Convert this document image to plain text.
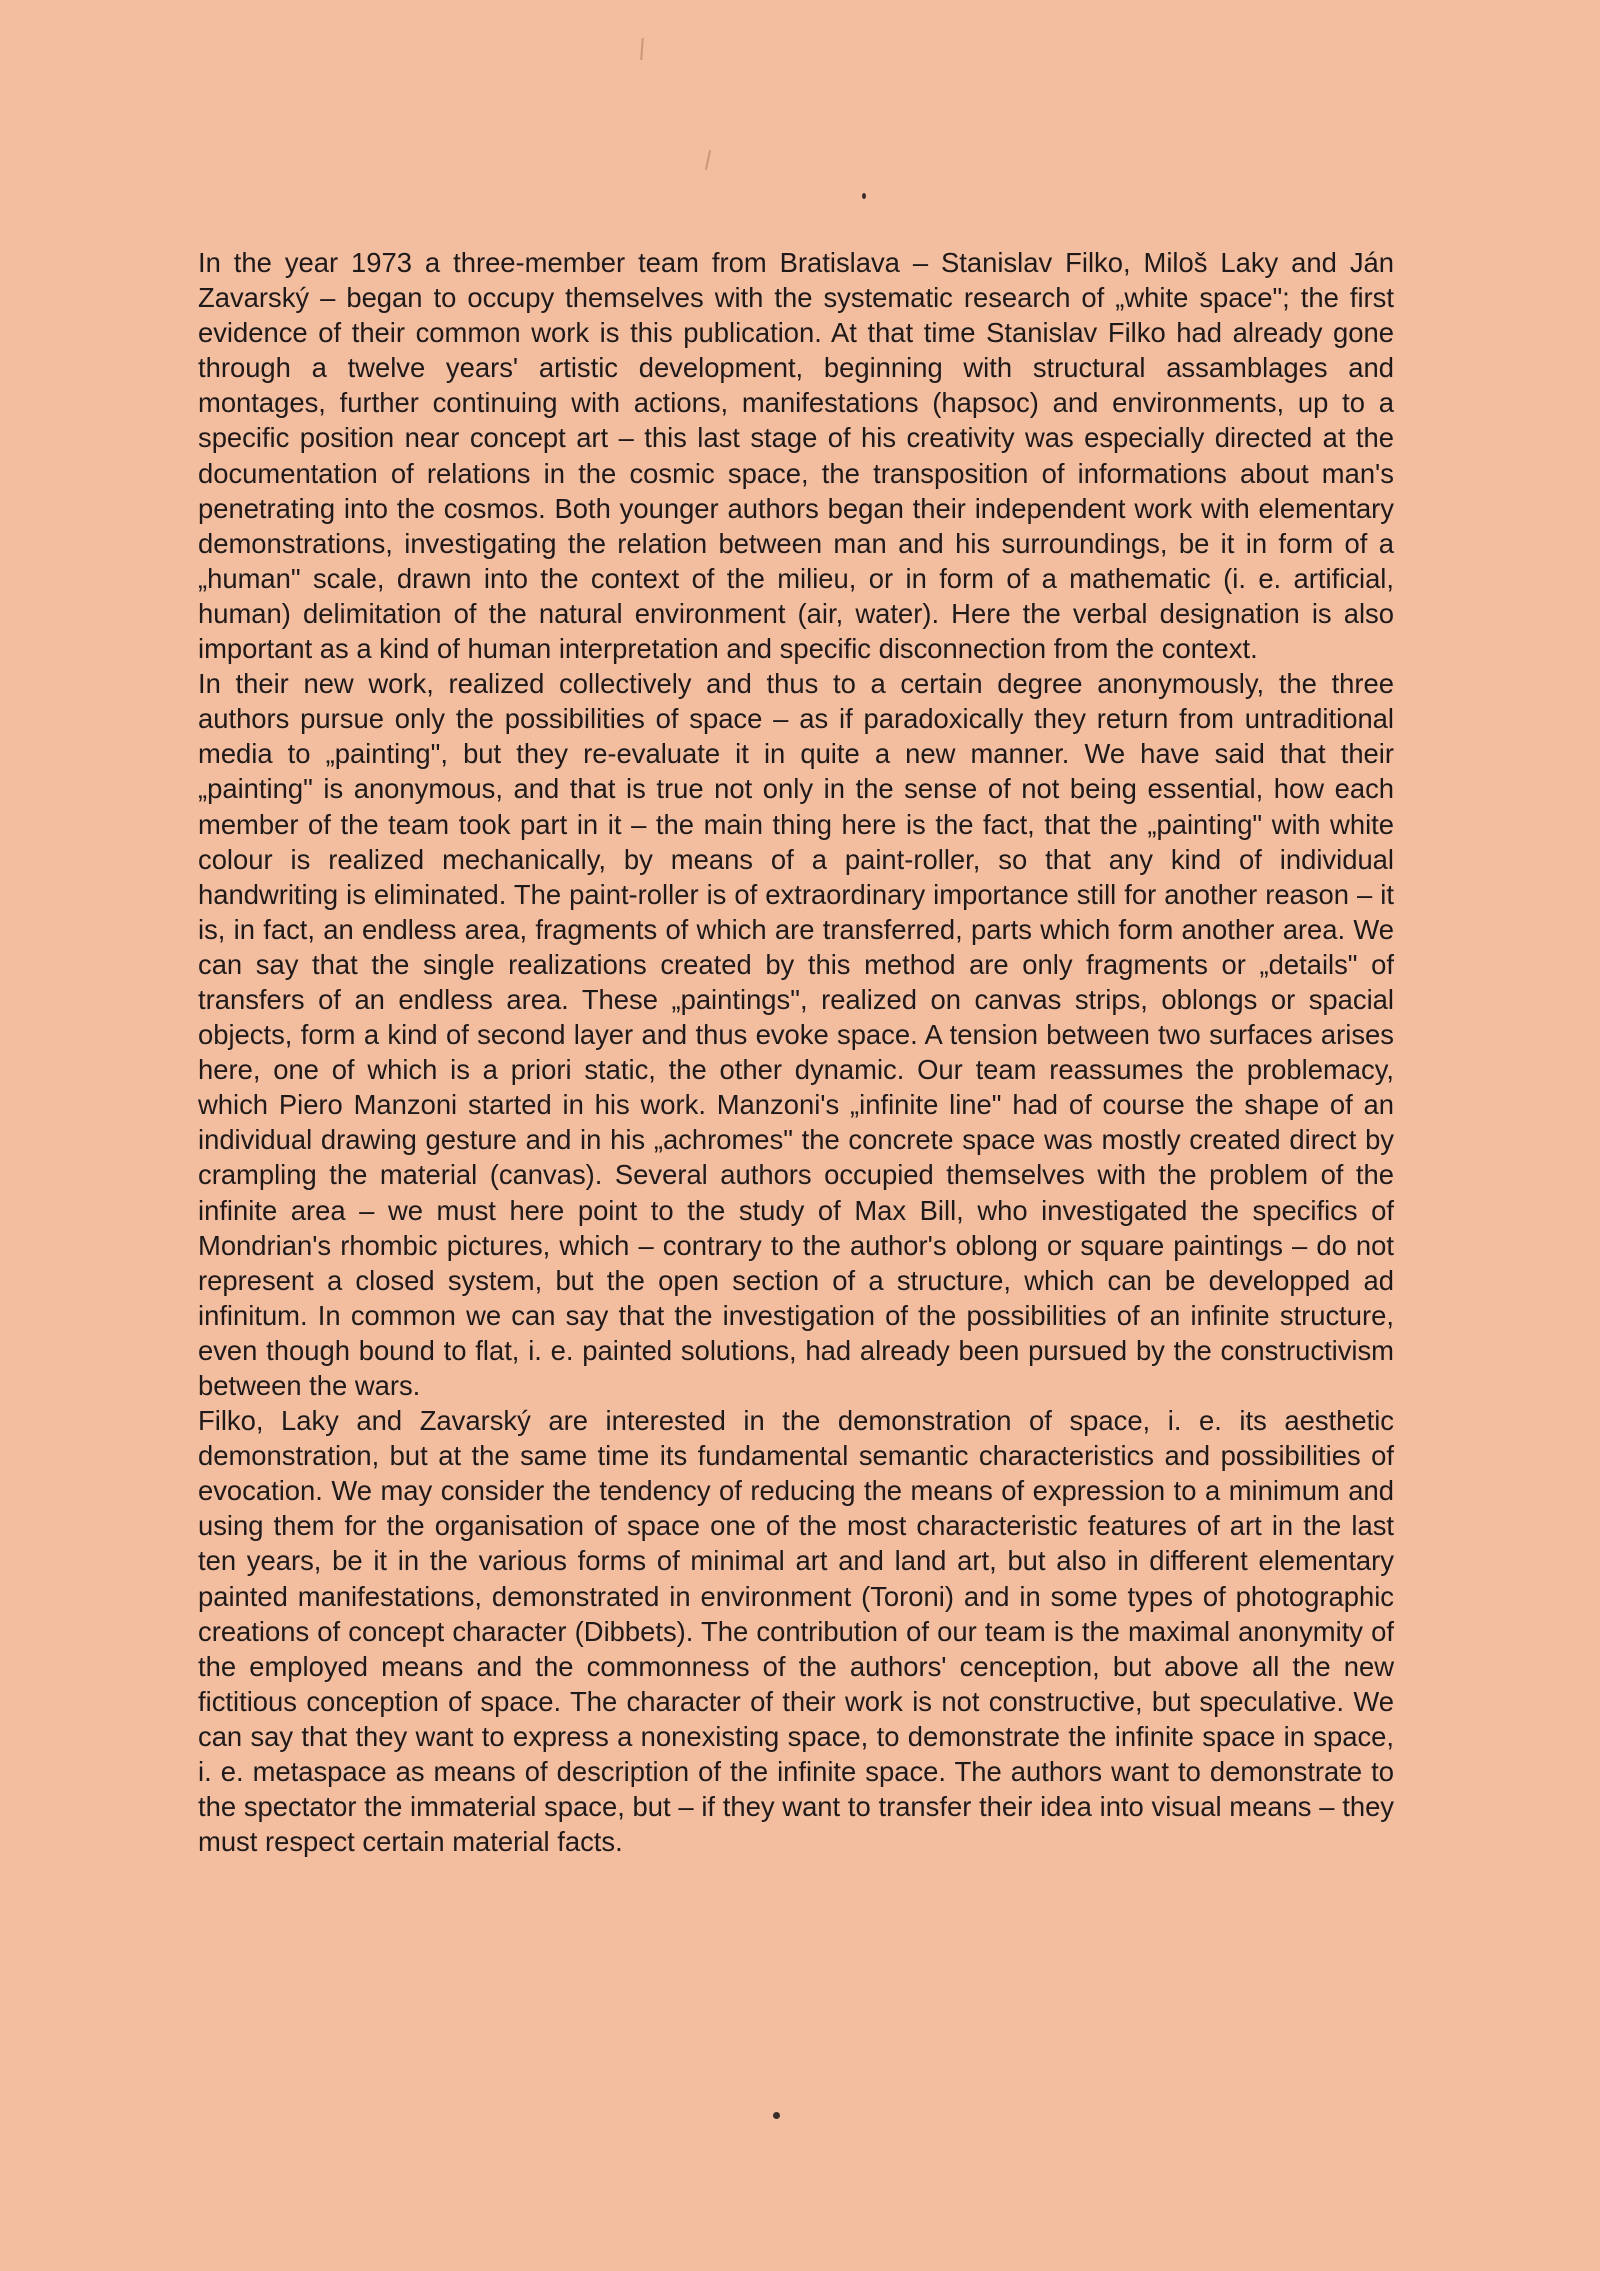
In the year 1973 a three-member team from Bratislava – Stanislav Filko, Miloš Laky and Ján Zavarský – began to occupy themselves with the systematic research of „white space"; the first evidence of their common work is this publication. At that time Stanislav Filko had already gone through a twelve years' artistic development, beginning with structural assamblages and montages, further continuing with actions, manifestations (hapsoc) and environments, up to a specific position near concept art – this last stage of his creativity was especially directed at the documentation of relations in the cosmic space, the transposition of informations about man's penetrating into the cosmos. Both younger authors began their independent work with elementary demonstrations, investigating the relation between man and his surroundings, be it in form of a „human" scale, drawn into the context of the milieu, or in form of a mathematic (i. e. artificial, human) delimitation of the natural environment (air, water). Here the verbal designation is also important as a kind of human interpretation and specific disconnection from the context.

In their new work, realized collectively and thus to a certain degree anonymously, the three authors pursue only the possibilities of space – as if paradoxically they return from untraditional media to „painting", but they re-evaluate it in quite a new manner. We have said that their „painting" is anonymous, and that is true not only in the sense of not being essential, how each member of the team took part in it – the main thing here is the fact, that the „painting" with white colour is realized mechanically, by means of a paint-roller, so that any kind of individual handwriting is eliminated. The paint-roller is of extraordinary importance still for another reason – it is, in fact, an endless area, fragments of which are transferred, parts which form another area. We can say that the single realizations created by this method are only fragments or „details" of transfers of an endless area. These „paintings", realized on canvas strips, oblongs or spacial objects, form a kind of second layer and thus evoke space. A tension between two surfaces arises here, one of which is a priori static, the other dynamic. Our team reassumes the problemacy, which Piero Manzoni started in his work. Manzoni's „infinite line" had of course the shape of an individual drawing gesture and in his „achromes" the concrete space was mostly created direct by crampling the material (canvas). Several authors occupied themselves with the problem of the infinite area – we must here point to the study of Max Bill, who investigated the specifics of Mondrian's rhombic pictures, which – contrary to the author's oblong or square paintings – do not represent a closed system, but the open section of a structure, which can be developped ad infinitum. In common we can say that the investigation of the possibilities of an infinite structure, even though bound to flat, i. e. painted solutions, had already been pursued by the constructivism between the wars.

Filko, Laky and Zavarský are interested in the demonstration of space, i. e. its aesthetic demonstration, but at the same time its fundamental semantic characteristics and possibilities of evocation. We may consider the tendency of reducing the means of expression to a minimum and using them for the organisation of space one of the most characteristic features of art in the last ten years, be it in the various forms of minimal art and land art, but also in different elementary painted manifestations, demonstrated in environment (Toroni) and in some types of photographic creations of concept character (Dibbets). The contribution of our team is the maximal anonymity of the employed means and the commonness of the authors' cenception, but above all the new fictitious conception of space. The character of their work is not constructive, but speculative. We can say that they want to express a nonexisting space, to demonstrate the infinite space in space, i. e. metaspace as means of description of the infinite space. The authors want to demonstrate to the spectator the immaterial space, but – if they want to transfer their idea into visual means – they must respect certain material facts.
